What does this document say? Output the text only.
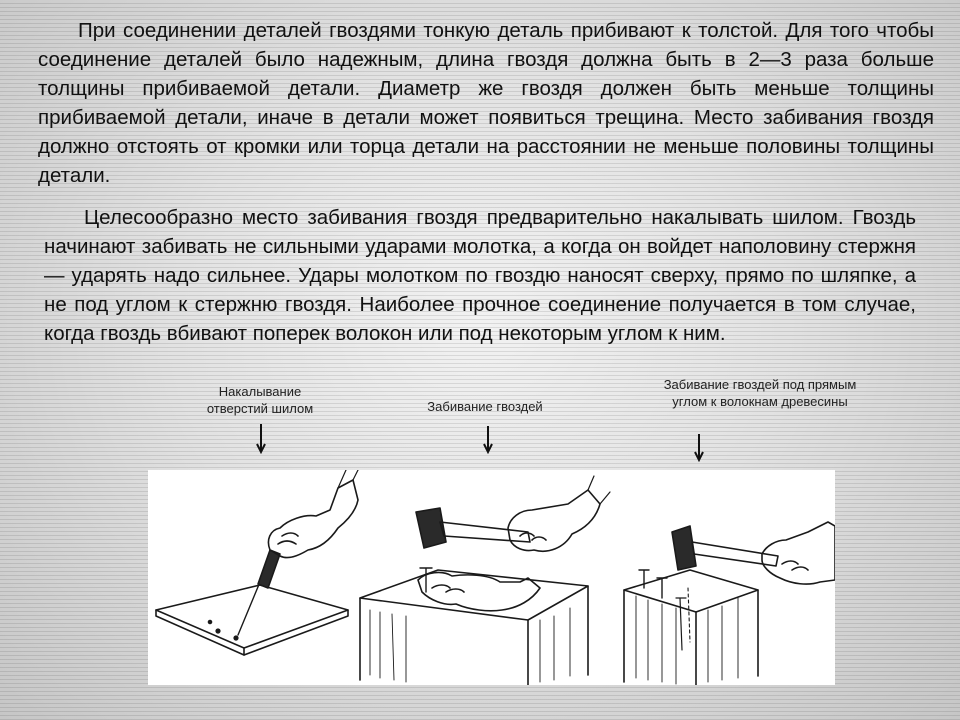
При соединении деталей гвоздями тонкую деталь прибивают к толстой. Для того чтобы соединение деталей было надежным, длина гвоздя должна быть в 2—3 раза больше толщины прибиваемой детали. Диаметр же гвоздя должен быть меньше толщины прибиваемой детали, иначе в детали может появиться трещина. Место забивания гвоздя должно отстоять от кромки или торца детали на расстоянии не меньше половины толщины детали.

Целесообразно место забивания гвоздя предварительно накалывать шилом. Гвоздь начинают забивать не сильными ударами молотка, а когда он войдет наполовину стержня — ударять надо сильнее. Удары молотком по гвоздю наносят сверху, прямо по шляпке, а не под углом к стержню гвоздя. Наиболее прочное соединение получается в том случае, когда гвоздь вбивают поперек волокон или под некоторым углом к ним.

Накалывание
отверстий шилом	Забивание гвоздей
Забивание гвоздей под прямым
углом к волокнам древесины
